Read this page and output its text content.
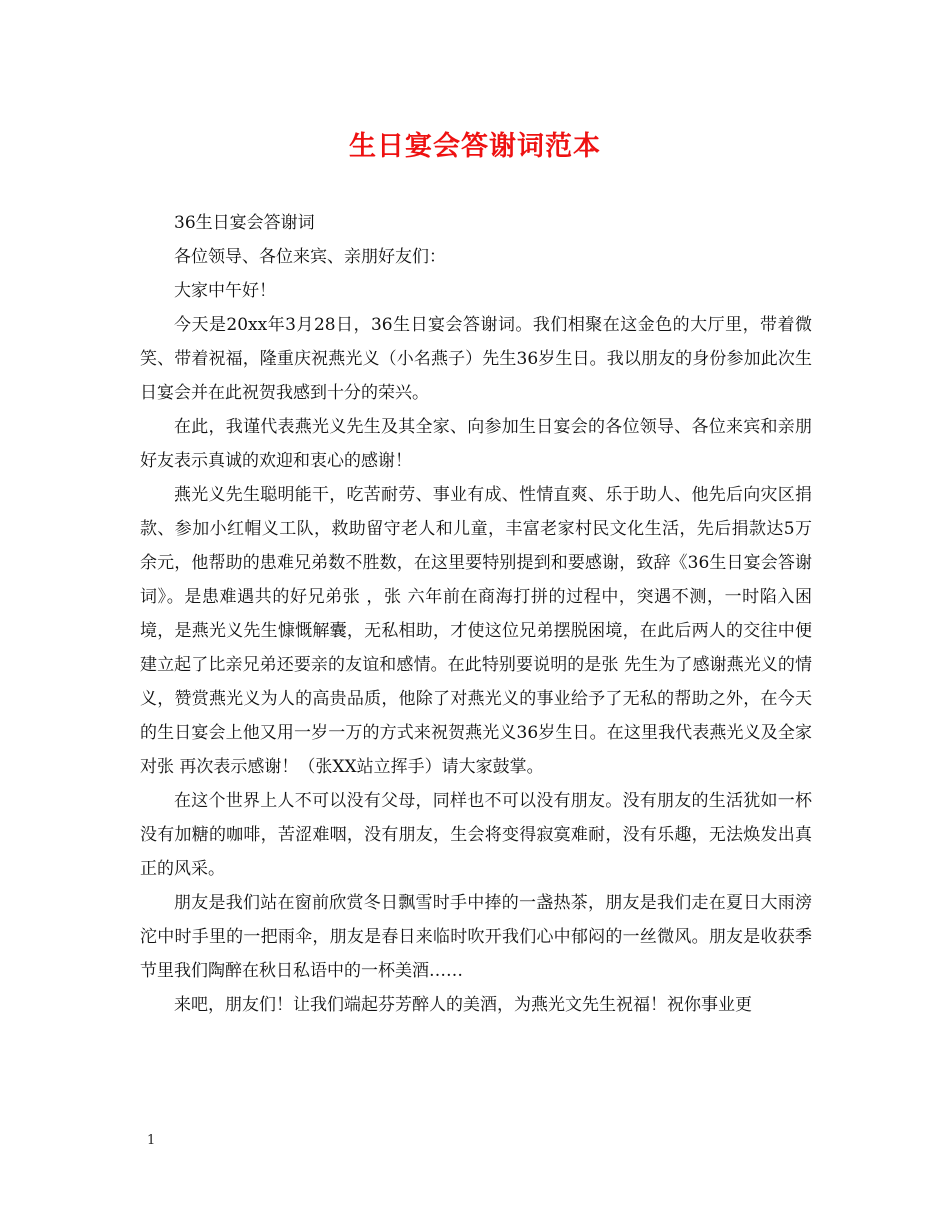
生日宴会答谢词范本

36生日宴会答谢词

各位领导、各位来宾、亲朋好友们：

大家中午好！

今天是20xx年3月28日，36生日宴会答谢词。我们相聚在这金色的大厅里，带着微笑、带着祝福，隆重庆祝燕光义（小名燕子）先生36岁生日。我以朋友的身份参加此次生日宴会并在此祝贺我感到十分的荣兴。

在此，我谨代表燕光义先生及其全家、向参加生日宴会的各位领导、各位来宾和亲朋好友表示真诚的欢迎和衷心的感谢！

燕光义先生聪明能干，吃苦耐劳、事业有成、性情直爽、乐于助人、他先后向灾区捐款、参加小红帽义工队，救助留守老人和儿童，丰富老家村民文化生活，先后捐款达5万余元，他帮助的患难兄弟数不胜数，在这里要特别提到和要感谢，致辞《36生日宴会答谢词》。是患难遇共的好兄弟张 ，张 六年前在商海打拼的过程中，突遇不测，一时陷入困境，是燕光义先生慷慨解囊，无私相助，才使这位兄弟摆脱困境，在此后两人的交往中便建立起了比亲兄弟还要亲的友谊和感情。在此特别要说明的是张 先生为了感谢燕光义的情义，赞赏燕光义为人的高贵品质，他除了对燕光义的事业给予了无私的帮助之外，在今天的生日宴会上他又用一岁一万的方式来祝贺燕光义36岁生日。在这里我代表燕光义及全家对张 再次表示感谢！（张XX站立挥手）请大家鼓掌。

在这个世界上人不可以没有父母，同样也不可以没有朋友。没有朋友的生活犹如一杯没有加糖的咖啡，苦涩难咽，没有朋友，生会将变得寂寞难耐，没有乐趣，无法焕发出真正的风采。

朋友是我们站在窗前欣赏冬日飘雪时手中捧的一盏热茶，朋友是我们走在夏日大雨滂沱中时手里的一把雨伞，朋友是春日来临时吹开我们心中郁闷的一丝微风。朋友是收获季节里我们陶醉在秋日私语中的一杯美酒……

来吧，朋友们！让我们端起芬芳醉人的美酒，为燕光文先生祝福！祝你事业更

1
